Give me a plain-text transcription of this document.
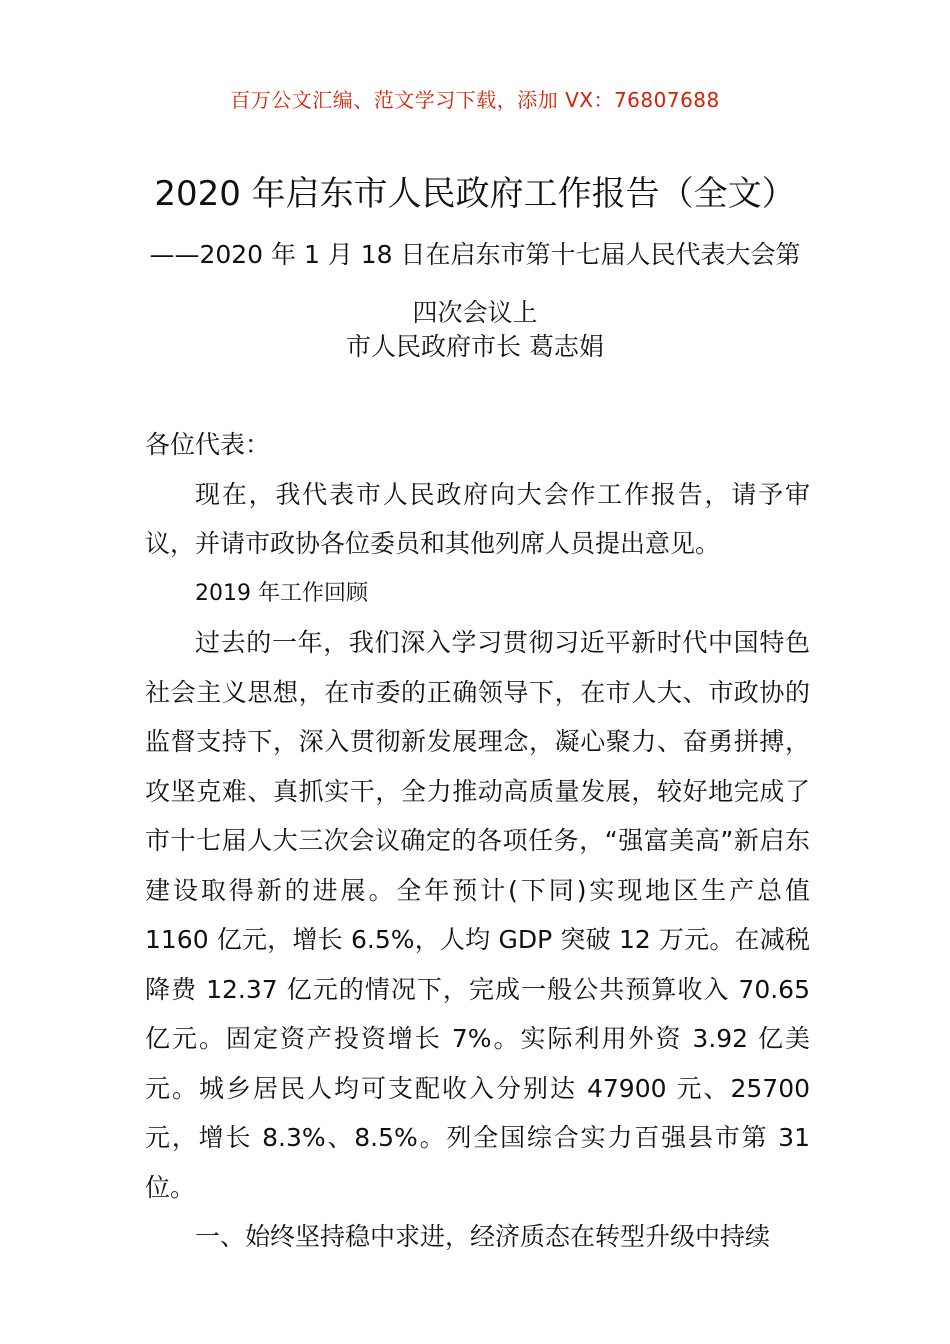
百万公文汇编、范文学习下载，添加 VX：76807688
2020 年启东市人民政府工作报告（全文）
——2020 年 1 月 18 日在启东市第十七届人民代表大会第四次会议上
市人民政府市长 葛志娟

各位代表：

现在，我代表市人民政府向大会作工作报告，请予审议，并请市政协各位委员和其他列席人员提出意见。

2019 年工作回顾

过去的一年，我们深入学习贯彻习近平新时代中国特色社会主义思想，在市委的正确领导下，在市人大、市政协的监督支持下，深入贯彻新发展理念，凝心聚力、奋勇拼搏，攻坚克难、真抓实干，全力推动高质量发展，较好地完成了市十七届人大三次会议确定的各项任务，“强富美高”新启东建设取得新的进展。全年预计(下同)实现地区生产总值 1160 亿元，增长 6.5%，人均 GDP 突破 12 万元。在减税降费 12.37 亿元的情况下，完成一般公共预算收入 70.65 亿元。固定资产投资增长 7%。实际利用外资 3.92 亿美元。城乡居民人均可支配收入分别达 47900 元、25700 元，增长 8.3%、8.5%。列全国综合实力百强县市第 31 位。

一、始终坚持稳中求进，经济质态在转型升级中持续
